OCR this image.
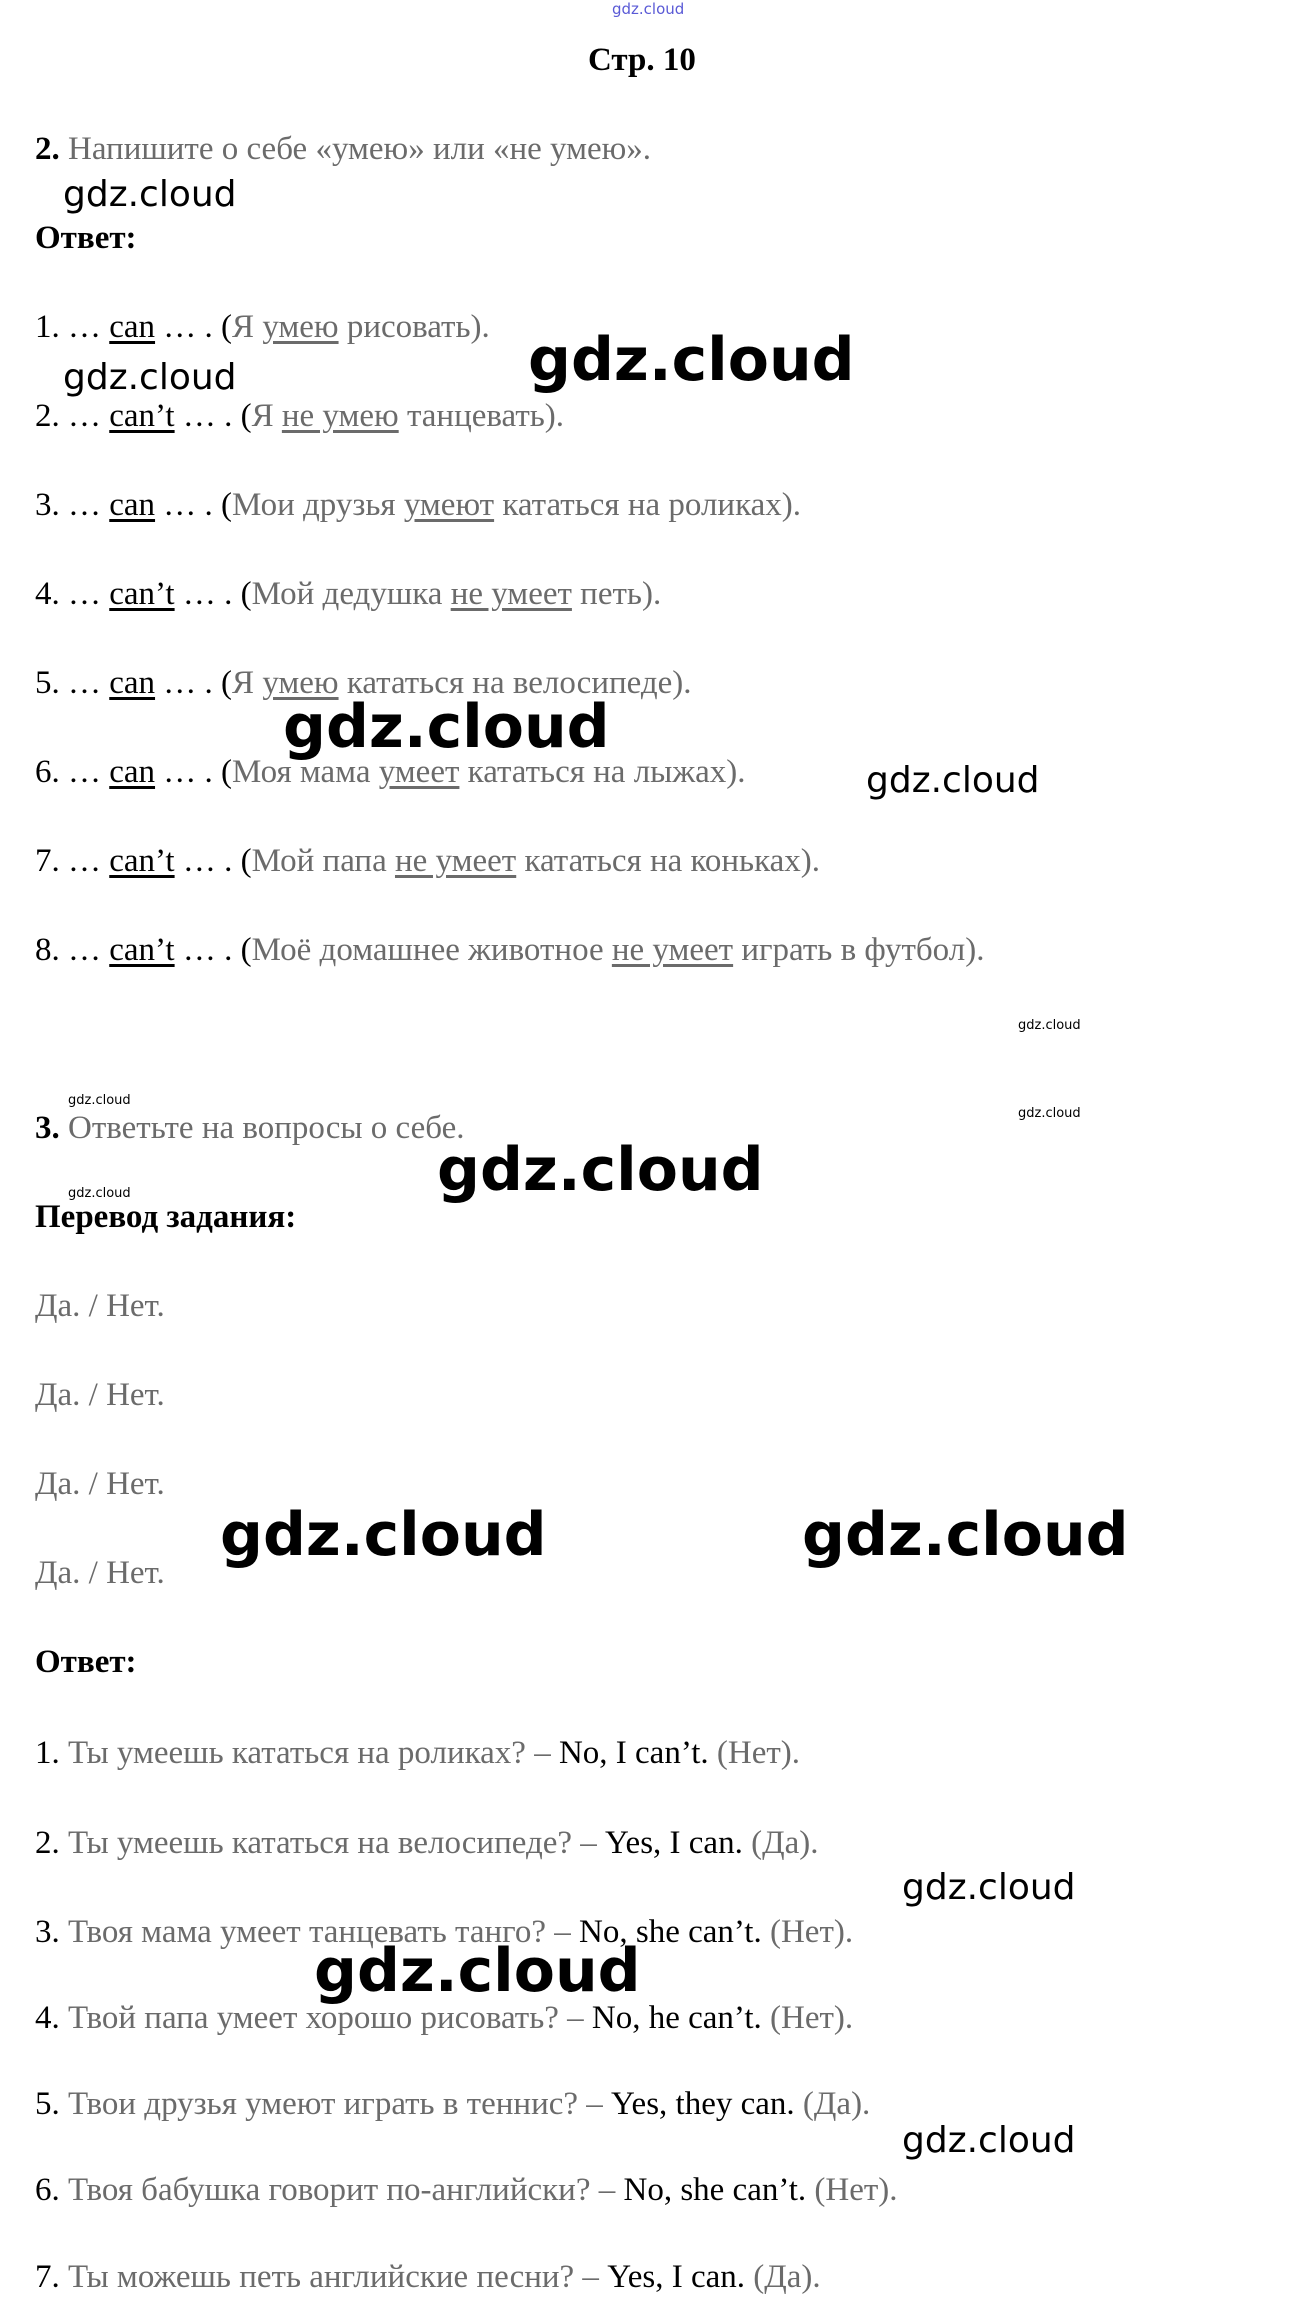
gdz.cloud
Стр. 10
2. Напишите о себе «умею» или «не умею».
Ответ:
1. … can … . (Я умею рисовать).
2. … can’t … . (Я не умею танцевать).
3. … can … . (Мои друзья умеют кататься на роликах).
4. … can’t … . (Мой дедушка не умеет петь).
5. … can … . (Я умею кататься на велосипеде).
6. … can … . (Моя мама умеет кататься на лыжах).
7. … can’t … . (Мой папа не умеет кататься на коньках).
8. … can’t … . (Моё домашнее животное не умеет играть в футбол).
3. Ответьте на вопросы о себе.
Перевод задания:
Да. / Нет.
Да. / Нет.
Да. / Нет.
Да. / Нет.
Ответ:
1. Ты умеешь кататься на роликах? – No, I can’t. (Нет).
2. Ты умеешь кататься на велосипеде? – Yes, I can. (Да).
3. Твоя мама умеет танцевать танго? – No, she can’t. (Нет).
4. Твой папа умеет хорошо рисовать? – No, he can’t. (Нет).
5. Твои друзья умеют играть в теннис? – Yes, they can. (Да).
6. Твоя бабушка говорит по-английски? – No, she can’t. (Нет).
7. Ты можешь петь английские песни? – Yes, I can. (Да).
gdz.cloud
gdz.cloud	gdz.cloud
gdz.cloud
gdz.cloud
gdz.cloud
gdz.cloud
gdz.cloud
gdz.cloud	gdz.cloud
gdz.cloud	gdz.cloud
gdz.cloud
gdz.cloud
gdz.cloud
